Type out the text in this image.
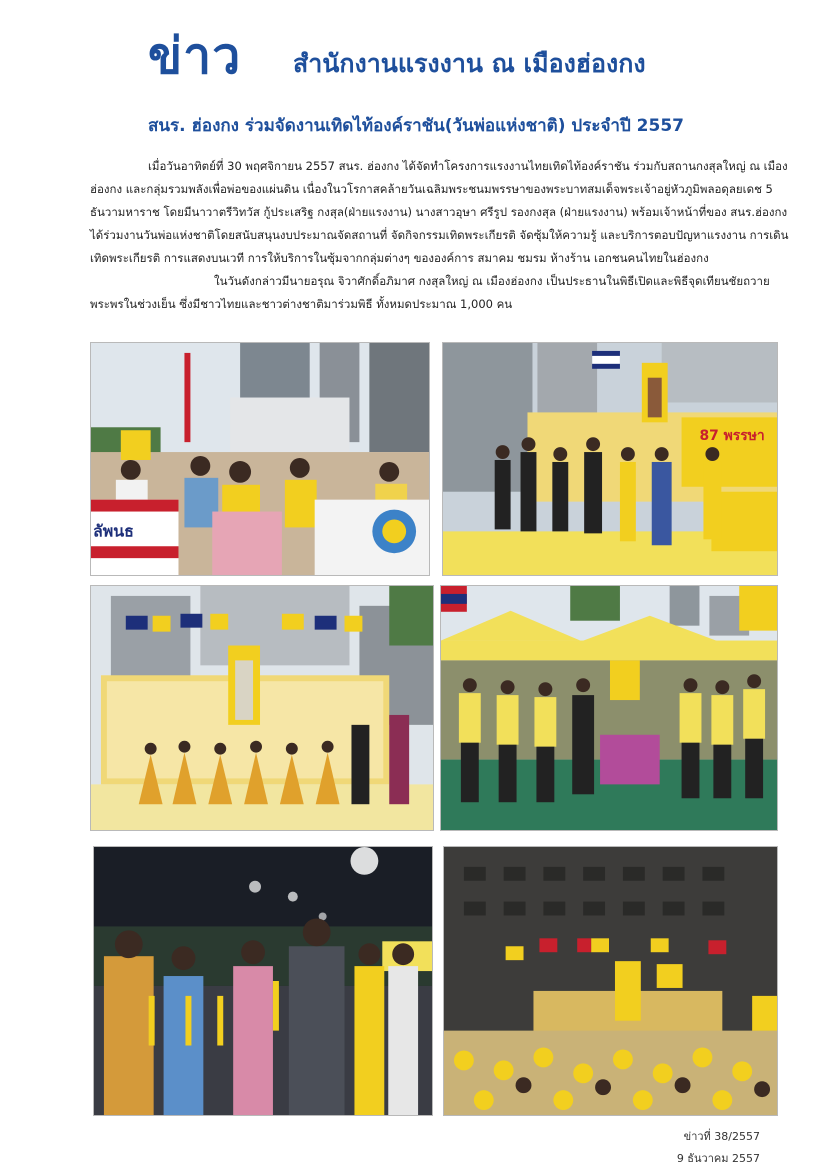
ข่าว สำนักงานแรงงาน ณ เมืองฮ่องกง
สนร. ฮ่องกง ร่วมจัดงานเทิดไท้องค์ราชัน(วันพ่อแห่งชาติ) ประจำปี 2557

เมื่อวันอาทิตย์ที่ 30 พฤศจิกายน 2557 สนร. ฮ่องกง ได้จัดทำโครงการแรงงานไทยเทิดไท้องค์ราชัน ร่วมกับสถานกงสุลใหญ่ ณ เมืองฮ่องกง และกลุ่มรวมพลังเพื่อพ่อของแผ่นดิน เนื่องในวโรกาสคล้ายวันเฉลิมพระชนมพรรษาของพระบาทสมเด็จพระเจ้าอยู่หัวภูมิพลอดุลยเดช 5 ธันวามหาราช โดยมีนาวาตรีวิทวัส กู้ประเสริฐ กงสุล(ฝ่ายแรงงาน) นางสาวอุษา ศรีรูป รองกงสุล (ฝ่ายแรงงาน) พร้อมเจ้าหน้าที่ของ สนร.ฮ่องกง ได้ร่วมงานวันพ่อแห่งชาติโดยสนับสนุนงบประมาณจัดสถานที่ จัดกิจกรรมเทิดพระเกียรติ จัดซุ้มให้ความรู้ และบริการตอบปัญหาแรงงาน การเดินเทิดพระเกียรติ การแสดงบนเวที การให้บริการในซุ้มจากกลุ่มต่างๆ ขององค์การ สมาคม ชมรม ห้างร้าน เอกชนคนไทยในฮ่องกง

ในวันดังกล่าวมีนายอรุณ จิวาศักดิ์อภิมาศ กงสุลใหญ่ ณ เมืองฮ่องกง เป็นประธานในพิธีเปิดและพิธีจุดเทียนชัยถวายพระพรในช่วงเย็น ซึ่งมีชาวไทยและชาวต่างชาติมาร่วมพิธี ทั้งหมดประมาณ 1,000 คน

ลัพนธ
Thai people in H
87 พรรษา
ข่าวที่ 38/2557
9 ธันวาคม 2557
